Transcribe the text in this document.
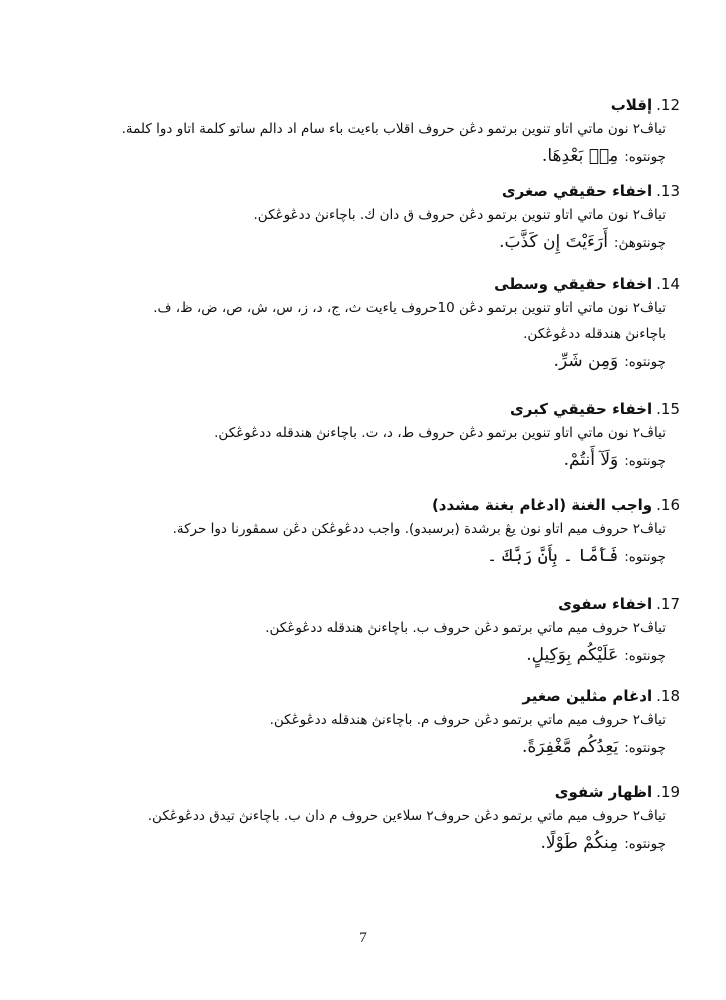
12.إقلاب
تياڤ٢ نون ماتي اتاو تنوين برتمو دڠن حروف اقلاب باءيت باء سام اد دالم ساتو كلمة اتاو دوا كلمة.
چونتوه:مِنۢ بَعْدِهَا.
13.اخفاء حقيقي صغرى
تياڤ٢ نون ماتي اتاو تنوين برتمو دڠن حروف ق دان ك. باچاءنڽ ددڠوڠكن.
چونتوهڽ:أَرَءَيْتَ إِن كَذَّبَ.
14.اخفاء حقيقي وسطى
تياڤ٢ نون ماتي اتاو تنوين برتمو دڠن 10حروف ياءيت ث، ج، د، ز، س، ش، ص، ض، ظ، ف.
باچاءنڽ هندقله ددڠوڠكن.
چونتوه:وَمِن شَرِّ.
15.اخفاء حقيقي كبرى
تياڤ٢ نون ماتي اتاو تنوين برتمو دڠن حروف ط، د، ت. باچاءنڽ هندقله ددڠوڠكن.
چونتوه:وَلَآ أَنتُمْ.
16.واجب الغنة (ادغام بغنة مشدد)
تياڤ٢ حروف ميم اتاو نون يڠ برشدة (برسبدو). واجب ددڠوڠكن دڠن سمڤورنا دوا حركة.
چونتوه:فَأَمَّا ۔ بِأَنَّ رَبَّكَ ۔
17.اخفاء سفوى
تياڤ٢ حروف ميم ماتي برتمو دڠن حروف ب. باچاءنڽ هندقله ددڠوڠكن.
چونتوه:عَلَيْكُم بِوَكِيلٍ.
18.ادغام مثلين صغير
تياڤ٢ حروف ميم ماتي برتمو دڠن حروف م. باچاءنڽ هندقله ددڠوڠكن.
چونتوه:يَعِدُكُم مَّغْفِرَةً.
19.اظهار شفوى
تياڤ٢ حروف ميم ماتي برتمو دڠن حروف٢ سلاءين حروف م دان ب. باچاءنڽ تيدق ددڠوڠكن.
چونتوه:مِنكُمْ طَوْلًا.
7
